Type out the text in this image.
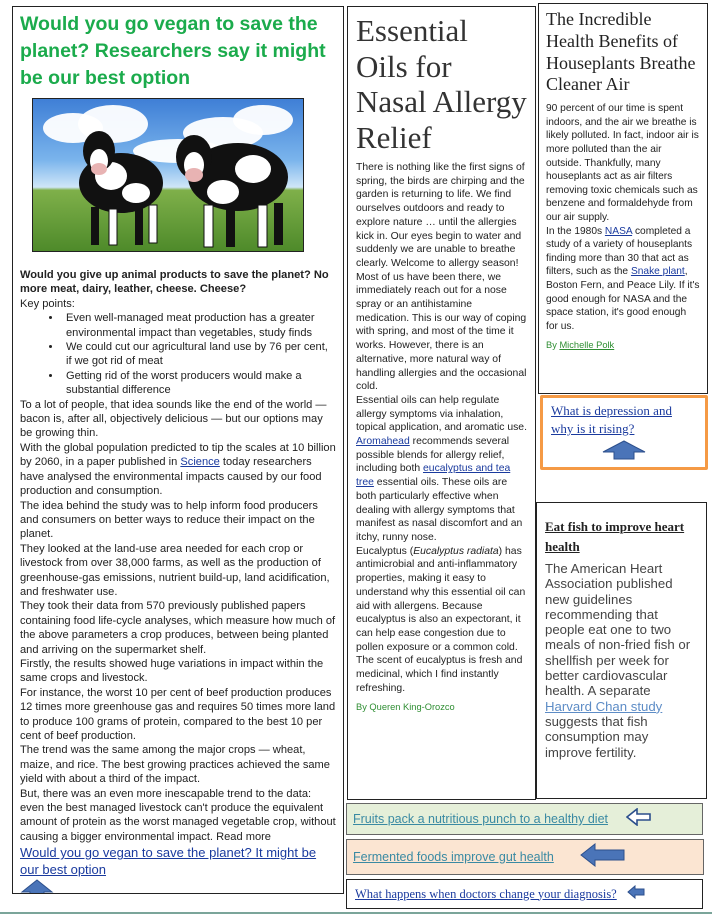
Would you go vegan to save the planet? Researchers say it might be our best option

Would you give up animal products to save the planet? No more meat, dairy, leather, cheese. Cheese?

Key points:

• Even well-managed meat production has a greater environmental impact than vegetables, study finds
• We could cut our agricultural land use by 76 per cent, if we got rid of meat
• Getting rid of the worst producers would make a substantial difference

To a lot of people, that idea sounds like the end of the world — bacon is, after all, objectively delicious — but our options may be growing thin.

With the global population predicted to tip the scales at 10 billion by 2060, in a paper published in Science today researchers have analysed the environmental impacts caused by our food production and consumption.

The idea behind the study was to help inform food producers and consumers on better ways to reduce their impact on the planet.

They looked at the land-use area needed for each crop or livestock from over 38,000 farms, as well as the production of greenhouse-gas emissions, nutrient build-up, land acidification, and freshwater use.

They took their data from 570 previously published papers containing food life-cycle analyses, which measure how much of the above parameters a crop produces, between being planted and arriving on the supermarket shelf.

Firstly, the results showed huge variations in impact within the same crops and livestock.

For instance, the worst 10 per cent of beef production produces 12 times more greenhouse gas and requires 50 times more land to produce 100 grams of protein, compared to the best 10 per cent of beef production.

The trend was the same among the major crops — wheat, maize, and rice. The best growing practices achieved the same yield with about a third of the impact.

But, there was an even more inescapable trend to the data: even the best managed livestock can't produce the equivalent amount of protein as the worst managed vegetable crop, without causing a bigger environmental impact. Read more

Would you go vegan to save the planet? It might be our best option
Essential Oils for Nasal Allergy Relief

There is nothing like the first signs of spring, the birds are chirping and the garden is returning to life. We find ourselves outdoors and ready to explore nature … until the allergies kick in. Our eyes begin to water and suddenly we are unable to breathe clearly. Welcome to allergy season! Most of us have been there, we immediately reach out for a nose spray or an antihistamine medication. This is our way of coping with spring, and most of the time it works. However, there is an alternative, more natural way of handling allergies and the occasional cold.

Essential oils can help regulate allergy symptoms via inhalation, topical application, and aromatic use. Aromahead recommends several possible blends for allergy relief, including both eucalyptus and tea tree essential oils. These oils are both particularly effective when dealing with allergy symptoms that manifest as nasal discomfort and an itchy, runny nose.

Eucalyptus (Eucalyptus radiata) has antimicrobial and anti-inflammatory properties, making it easy to understand why this essential oil can aid with allergens. Because eucalyptus is also an expectorant, it can help ease congestion due to pollen exposure or a common cold.

The scent of eucalyptus is fresh and medicinal, which I find instantly refreshing.

By Queren King-Orozco
The Incredible Health Benefits of Houseplants Breathe Cleaner Air

90 percent of our time is spent indoors, and the air we breathe is likely polluted. In fact, indoor air is more polluted than the air outside. Thankfully, many houseplants act as air filters removing toxic chemicals such as benzene and formaldehyde from our air supply.

In the 1980s NASA completed a study of a variety of houseplants finding more than 30 that act as filters, such as the Snake plant, Boston Fern, and Peace Lily. If it's good enough for NASA and the space station, it's good enough for us.

By Michelle Polk
What is depression and why is it rising?
Eat fish to improve heart health
The American Heart Association published new guidelines recommending that people eat one to two meals of non-fried fish or shellfish per week for better cardiovascular health. A separate Harvard Chan study suggests that fish consumption may improve fertility.
Fruits pack a nutritious punch to a healthy diet
Fermented foods improve gut health
What happens when doctors change your diagnosis?
